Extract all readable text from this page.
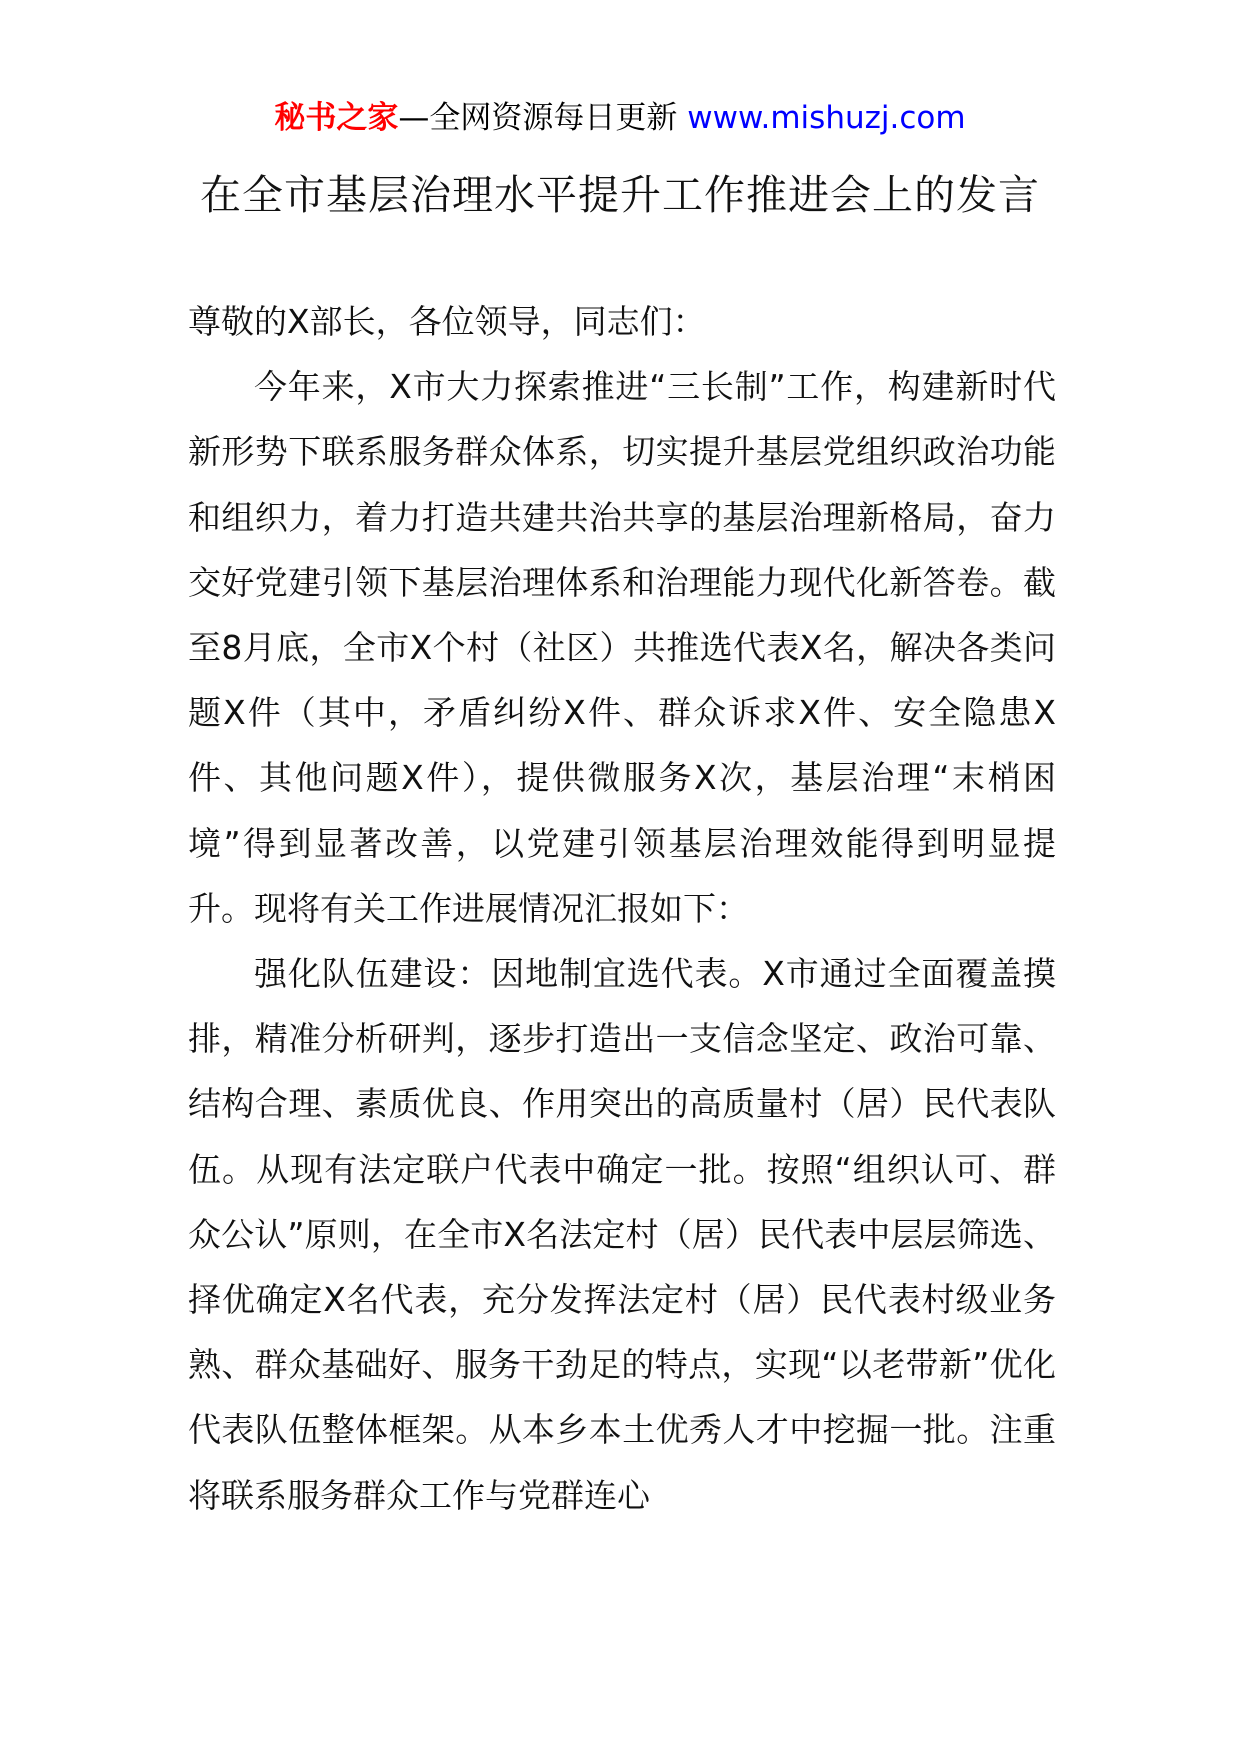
秘书之家—全网资源每日更新 www.mishuzj.com
在全市基层治理水平提升工作推进会上的发言

尊敬的X部长，各位领导，同志们：

今年来，X市大力探索推进“三长制”工作，构建新时代新形势下联系服务群众体系，切实提升基层党组织政治功能和组织力，着力打造共建共治共享的基层治理新格局，奋力交好党建引领下基层治理体系和治理能力现代化新答卷。截至8月底，全市X个村（社区）共推选代表X名，解决各类问题X件（其中，矛盾纠纷X件、群众诉求X件、安全隐患X件、其他问题X件），提供微服务X次，基层治理“末梢困境”得到显著改善，以党建引领基层治理效能得到明显提升。现将有关工作进展情况汇报如下：

强化队伍建设：因地制宜选代表。X市通过全面覆盖摸排，精准分析研判，逐步打造出一支信念坚定、政治可靠、结构合理、素质优良、作用突出的高质量村（居）民代表队伍。从现有法定联户代表中确定一批。按照“组织认可、群众公认”原则，在全市X名法定村（居）民代表中层层筛选、择优确定X名代表，充分发挥法定村（居）民代表村级业务熟、群众基础好、服务干劲足的特点，实现“以老带新”优化代表队伍整体框架。从本乡本土优秀人才中挖掘一批。注重将联系服务群众工作与党群连心
